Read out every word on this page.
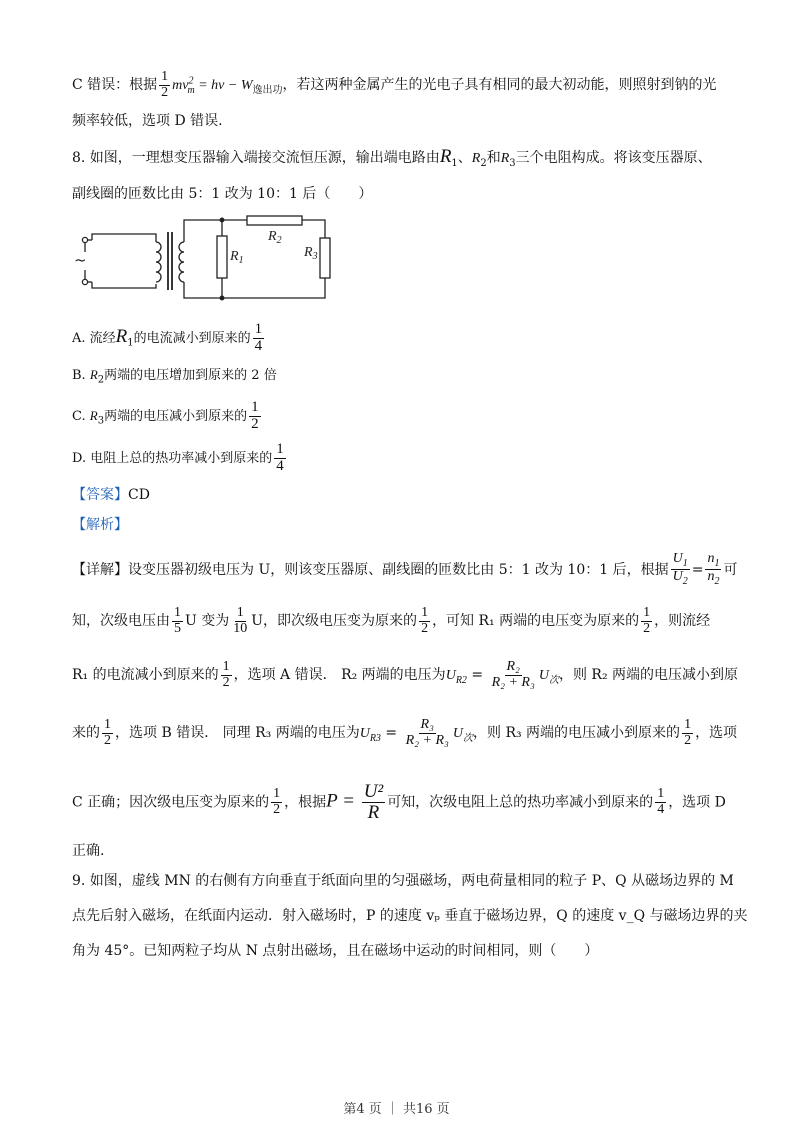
C 错误：根据 $\frac{1}{2} mv^2_m = h\nu - W_{逸出功}$，若这两种金属产生的光电子具有相同的最大初动能，则照射到钠的光
频率较低，选项 D 错误.
8. 如图，一理想变压器输入端接交流恒压源，输出端电路由$R_1$、$R_2$和$R_3$三个电阻构成。将该变压器原、
副线圈的匝数比由 5：1 改为 10：1 后（　　）
~	$R_1$
$R_2$
$R_3$
A. 流经$R_1$的电流减小到原来的 $\frac{1}{4}$
B. $R_2$两端的电压增加到原来的 2 倍
C. $R_3$两端的电压减小到原来的 $\frac{1}{2}$
D. 电阻上总的热功率减小到原来的 $\frac{1}{4}$
【答案】CD
【解析】
【详解】设变压器初级电压为 U，则该变压器原、副线圈的匝数比由 5：1 改为 10：1 后，根据 $\frac{U_1}{U_2} = \frac{n_1}{n_2}$ 可
知，次级电压由 $\frac{1}{5}$ U 变为 $\frac{1}{10}$ U，即次级电压变为原来的 $\frac{1}{2}$ ，可知 R₁ 两端的电压变为原来的 $\frac{1}{2}$ ，则流经
R₁ 的电流减小到原来的 $\frac{1}{2}$ ，选项 A 错误． R₂ 两端的电压为$U_{R2} = \frac{\text{R₂}}{\text{R₂ + R₃}} U_次$，则 R₂ 两端的电压减小到原
来的 $\frac{1}{2}$ ，选项 B 错误． 同理 R₃ 两端的电压为$U_{R3} = \frac{\text{R₃}}{\text{R₂ + R₃}} U_次$，则 R₃ 两端的电压减小到原来的 $\frac{1}{2}$ ，选项
C 正确；因次级电压变为原来的 $\frac{1}{2}$ ，根据$P = \frac{\text{U²}}{R}$ 可知，次级电阻上总的热功率减小到原来的 $\frac{1}{4}$ ，选项 D
正确.
9. 如图，虚线 MN 的右侧有方向垂直于纸面向里的匀强磁场，两电荷量相同的粒子 P、Q 从磁场边界的 M
点先后射入磁场，在纸面内运动．射入磁场时，P 的速度 vₚ 垂直于磁场边界，Q 的速度 v_Q 与磁场边界的夹
角为 45°。已知两粒子均从 N 点射出磁场，且在磁场中运动的时间相同，则（　　）
第4 页 ｜ 共16 页
